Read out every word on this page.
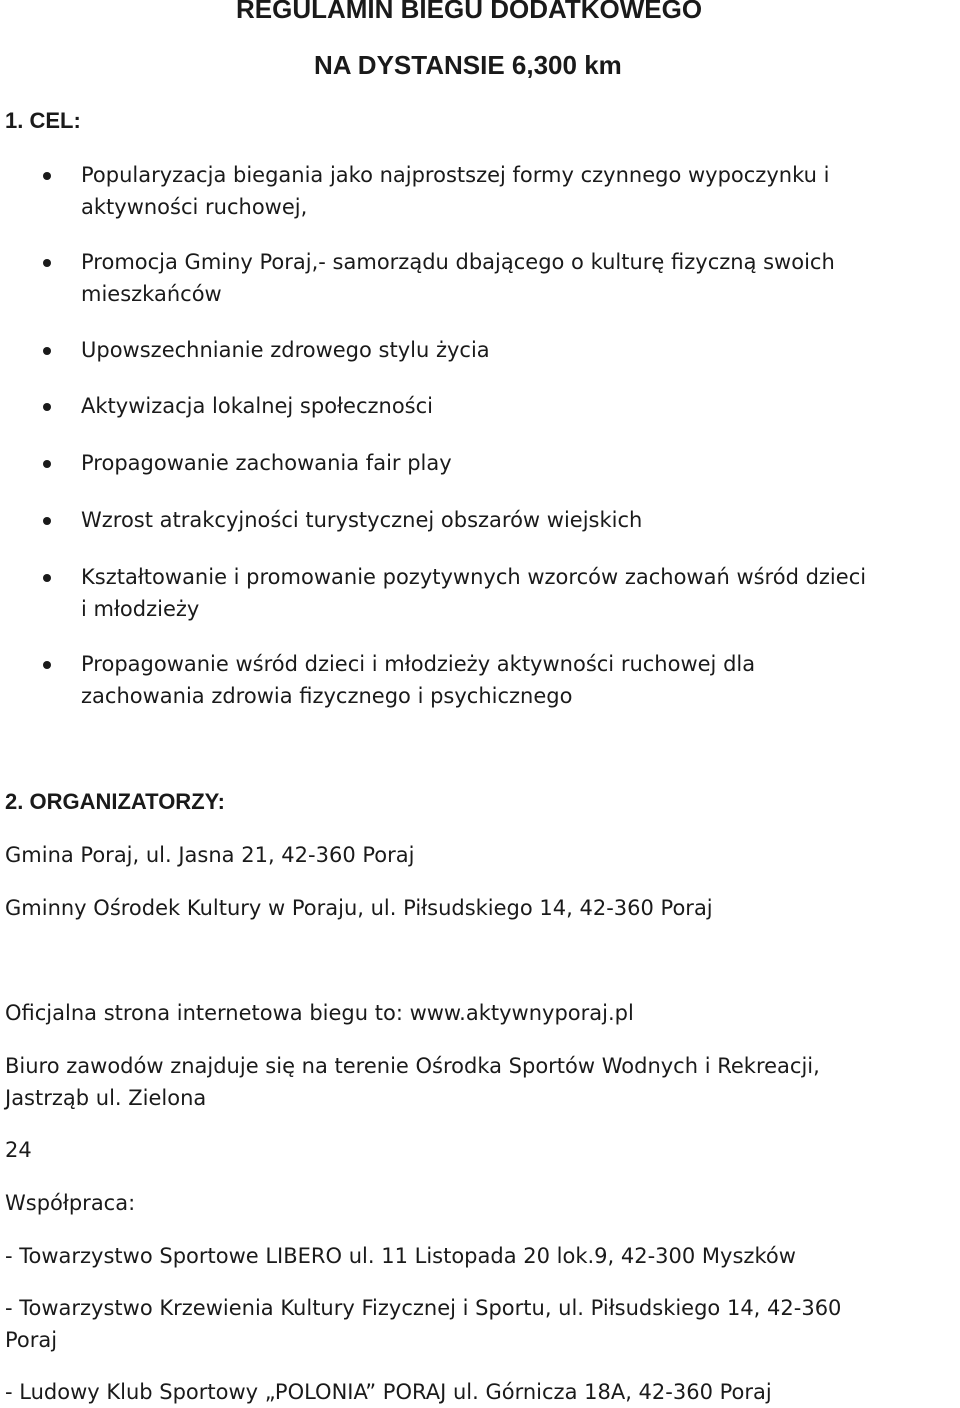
REGULAMIN BIEGU DODATKOWEGO
NA DYSTANSIE 6,300 km
1. CEL:
Popularyzacja biegania jako najprostszej formy czynnego wypoczynku i
aktywności ruchowej,
Promocja Gminy Poraj,- samorządu dbającego o kulturę fizyczną swoich
mieszkańców
Upowszechnianie zdrowego stylu życia
Aktywizacja lokalnej społeczności
Propagowanie zachowania fair play
Wzrost atrakcyjności turystycznej obszarów wiejskich
Kształtowanie i promowanie pozytywnych wzorców zachowań wśród dzieci
i młodzieży
Propagowanie wśród dzieci i młodzieży aktywności ruchowej dla
zachowania zdrowia fizycznego i psychicznego
2. ORGANIZATORZY:
Gmina Poraj, ul. Jasna 21, 42-360 Poraj
Gminny Ośrodek Kultury w Poraju, ul. Piłsudskiego 14, 42-360 Poraj
Oficjalna strona internetowa biegu to: www.aktywnyporaj.pl
Biuro zawodów znajduje się na terenie Ośrodka Sportów Wodnych i Rekreacji,
Jastrząb ul. Zielona
24
Współpraca:
- Towarzystwo Sportowe LIBERO ul. 11 Listopada 20 lok.9, 42-300 Myszków
- Towarzystwo Krzewienia Kultury Fizycznej i Sportu, ul. Piłsudskiego 14, 42-360
Poraj
- Ludowy Klub Sportowy „POLONIA” PORAJ ul. Górnicza 18A, 42-360 Poraj
